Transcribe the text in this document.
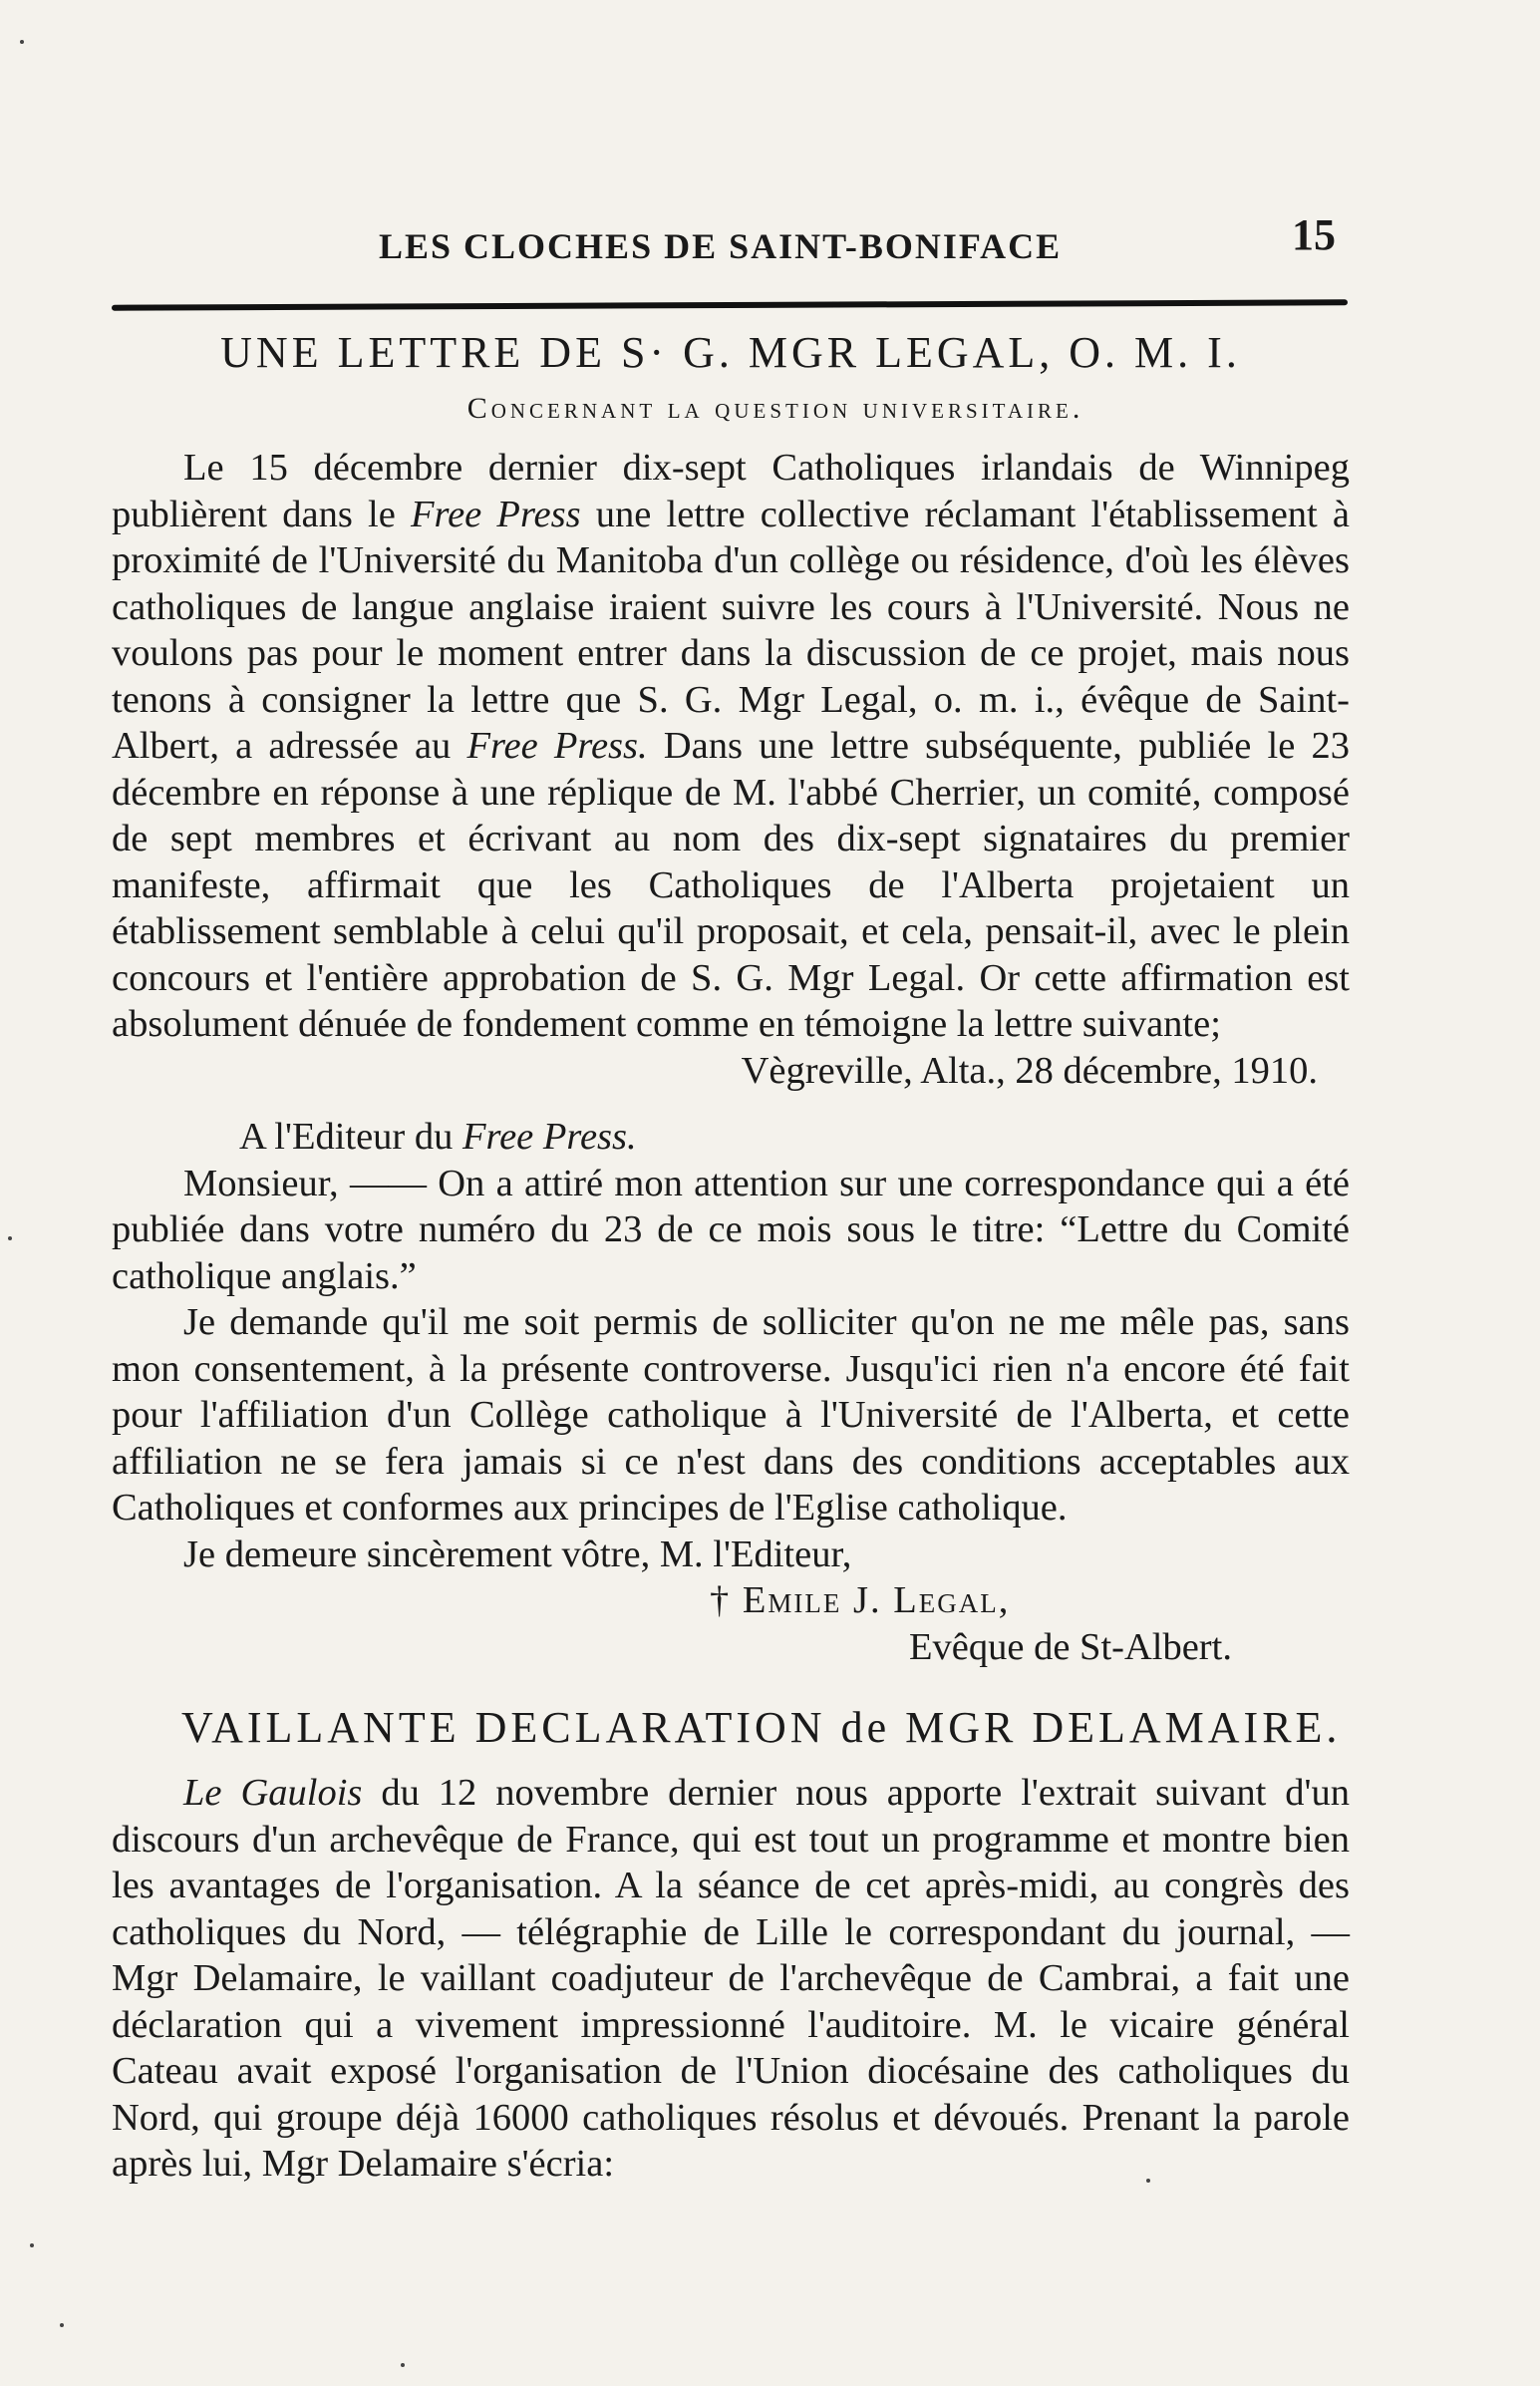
LES CLOCHES DE SAINT-BONIFACE	15
UNE LETTRE DE S· G. MGR LEGAL, O. M. I.
Concernant la question universitaire.

Le 15 décembre dernier dix-sept Catholiques irlandais de Winnipeg publièrent dans le Free Press une lettre collective réclamant l'établissement à proximité de l'Université du Manitoba d'un collège ou résidence, d'où les élèves catholiques de langue anglaise iraient suivre les cours à l'Université. Nous ne voulons pas pour le moment entrer dans la discussion de ce projet, mais nous tenons à consigner la lettre que S. G. Mgr Legal, o. m. i., évêque de Saint-Albert, a adressée au Free Press. Dans une lettre subséquente, publiée le 23 décembre en réponse à une réplique de M. l'abbé Cherrier, un comité, composé de sept membres et écrivant au nom des dix-sept signataires du premier manifeste, affirmait que les Catholiques de l'Alberta projetaient un établissement semblable à celui qu'il proposait, et cela, pensait-il, avec le plein concours et l'entière approbation de S. G. Mgr Legal. Or cette affirmation est absolument dénuée de fondement comme en témoigne la lettre suivante;

Vègreville, Alta., 28 décembre, 1910.
A l'Editeur du Free Press.

Monsieur, —— On a attiré mon attention sur une correspondance qui a été publiée dans votre numéro du 23 de ce mois sous le titre: “Lettre du Comité catholique anglais.”

Je demande qu'il me soit permis de solliciter qu'on ne me mêle pas, sans mon consentement, à la présente controverse. Jusqu'ici rien n'a encore été fait pour l'affiliation d'un Collège catholique à l'Université de l'Alberta, et cette affiliation ne se fera jamais si ce n'est dans des conditions acceptables aux Catholiques et conformes aux principes de l'Eglise catholique.

Je demeure sincèrement vôtre, M. l'Editeur,

† Emile J. Legal,
Evêque de St-Albert.
VAILLANTE DECLARATION de MGR DELAMAIRE.

Le Gaulois du 12 novembre dernier nous apporte l'extrait suivant d'un discours d'un archevêque de France, qui est tout un programme et montre bien les avantages de l'organisation. A la séance de cet après-midi, au congrès des catholiques du Nord, — télégraphie de Lille le correspondant du journal, — Mgr Delamaire, le vaillant coadjuteur de l'archevêque de Cambrai, a fait une déclaration qui a vivement impressionné l'auditoire. M. le vicaire général Cateau avait exposé l'organisation de l'Union diocésaine des catholiques du Nord, qui groupe déjà 16000 catholiques résolus et dévoués. Prenant la parole après lui, Mgr Delamaire s'écria:
